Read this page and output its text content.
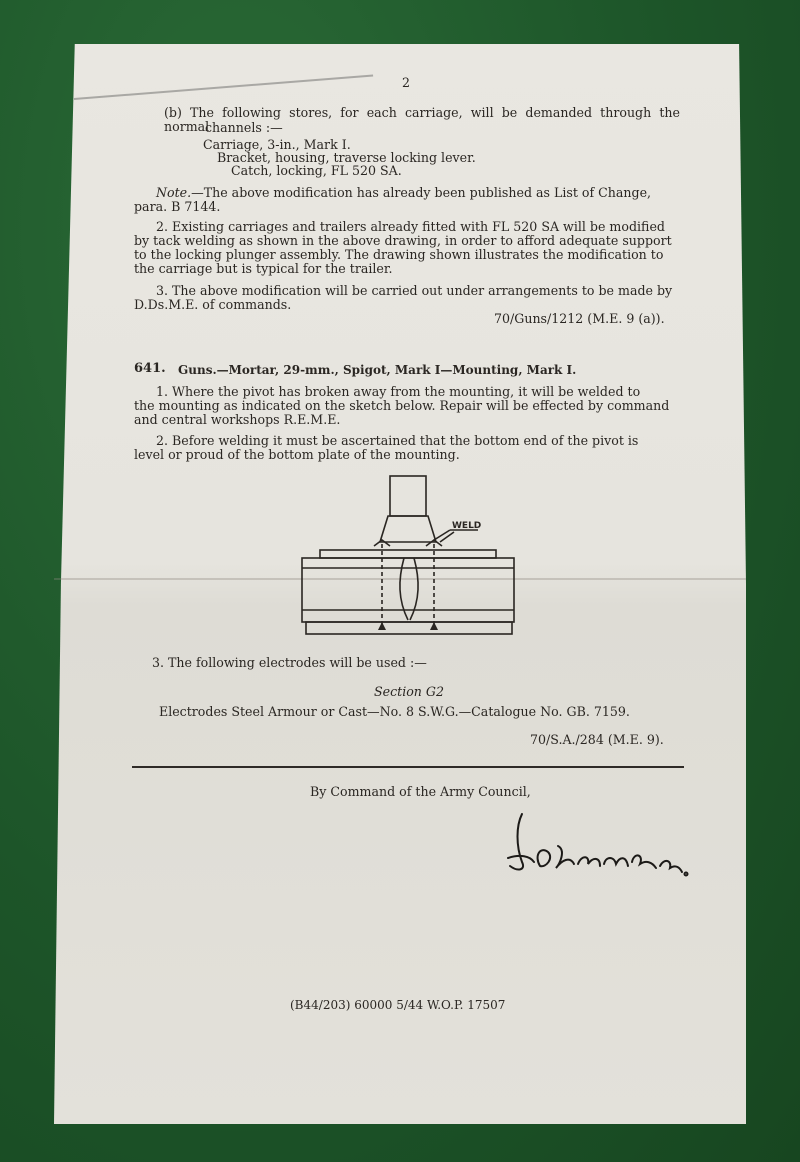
2
(b) The following stores, for each carriage, will be demanded through the normal
channels :—
Carriage, 3-in., Mark I.
Bracket, housing, traverse locking lever.
Catch, locking, FL 520 SA.
Note.—The above modification has already been published as List of Change,
para. B 7144.
2. Existing carriages and trailers already fitted with FL 520 SA will be modified
by tack welding as shown in the above drawing, in order to afford adequate support
to the locking plunger assembly. The drawing shown illustrates the modification to
the carriage but is typical for the trailer.
3. The above modification will be carried out under arrangements to be made by
D.Ds.M.E. of commands.
70/Guns/1212 (M.E. 9 (a)).
641. Guns.—Mortar, 29-mm., Spigot, Mark I—Mounting, Mark I.
1. Where the pivot has broken away from the mounting, it will be welded to
the mounting as indicated on the sketch below. Repair will be effected by command
and central workshops R.E.M.E.
2. Before welding it must be ascertained that the bottom end of the pivot is
level or proud of the bottom plate of the mounting.
WELD
3. The following electrodes will be used :—
Section G2
Electrodes Steel Armour or Cast—No. 8 S.W.G.—Catalogue No. GB. 7159.
70/S.A./284 (M.E. 9).
By Command of the Army Council,
(B44/203) 60000 5/44 W.O.P. 17507
